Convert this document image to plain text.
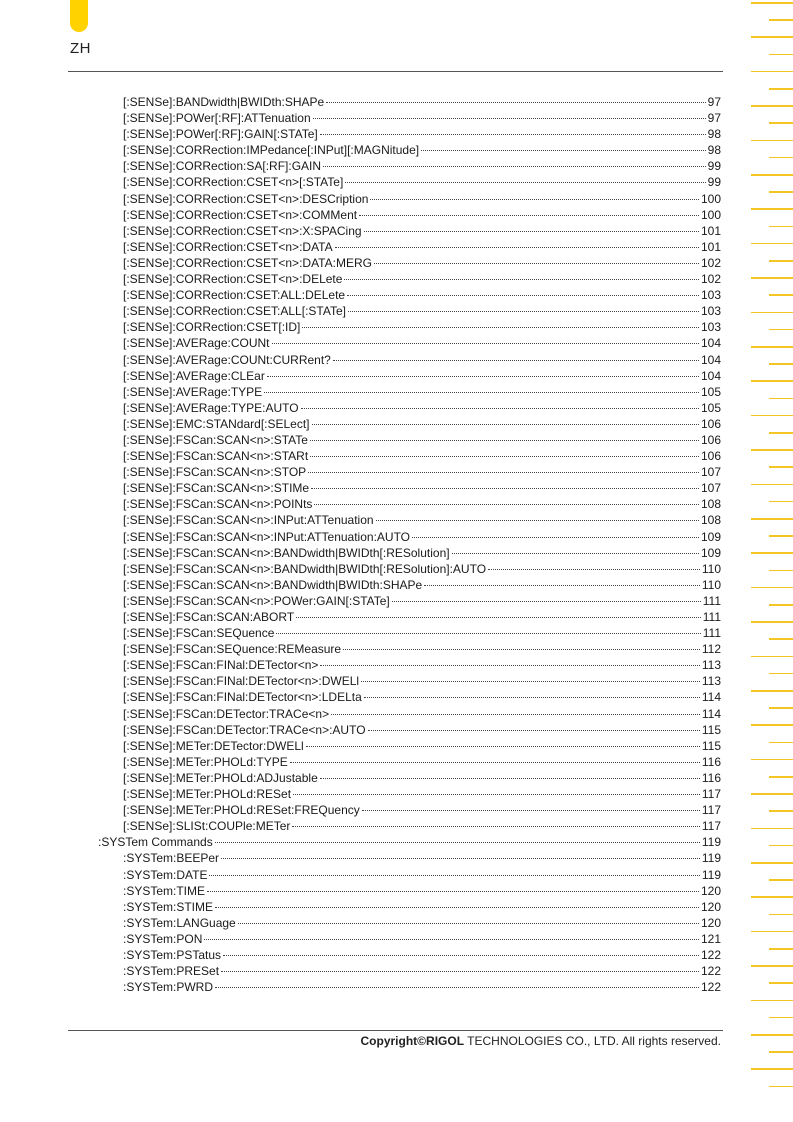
ZH
[:SENSe]:BANDwidth|BWIDth:SHAPe	97
[:SENSe]:POWer[:RF]:ATTenuation	97
[:SENSe]:POWer[:RF]:GAIN[:STATe]	98
[:SENSe]:CORRection:IMPedance[:INPut][:MAGNitude]	98
[:SENSe]:CORRection:SA[:RF]:GAIN	99
[:SENSe]:CORRection:CSET<n>[:STATe]	99
[:SENSe]:CORRection:CSET<n>:DESCription	100
[:SENSe]:CORRection:CSET<n>:COMMent	100
[:SENSe]:CORRection:CSET<n>:X:SPACing	101
[:SENSe]:CORRection:CSET<n>:DATA	101
[:SENSe]:CORRection:CSET<n>:DATA:MERG	102
[:SENSe]:CORRection:CSET<n>:DELete	102
[:SENSe]:CORRection:CSET:ALL:DELete	103
[:SENSe]:CORRection:CSET:ALL[:STATe]	103
[:SENSe]:CORRection:CSET[:ID]	103
[:SENSe]:AVERage:COUNt	104
[:SENSe]:AVERage:COUNt:CURRent?	104
[:SENSe]:AVERage:CLEar	104
[:SENSe]:AVERage:TYPE	105
[:SENSe]:AVERage:TYPE:AUTO	105
[:SENSe]:EMC:STANdard[:SELect]	106
[:SENSe]:FSCan:SCAN<n>:STATe	106
[:SENSe]:FSCan:SCAN<n>:STARt	106
[:SENSe]:FSCan:SCAN<n>:STOP	107
[:SENSe]:FSCan:SCAN<n>:STIMe	107
[:SENSe]:FSCan:SCAN<n>:POINts	108
[:SENSe]:FSCan:SCAN<n>:INPut:ATTenuation	108
[:SENSe]:FSCan:SCAN<n>:INPut:ATTenuation:AUTO	109
[:SENSe]:FSCan:SCAN<n>:BANDwidth|BWIDth[:RESolution]	109
[:SENSe]:FSCan:SCAN<n>:BANDwidth|BWIDth[:RESolution]:AUTO	110
[:SENSe]:FSCan:SCAN<n>:BANDwidth|BWIDth:SHAPe	110
[:SENSe]:FSCan:SCAN<n>:POWer:GAIN[:STATe]	111
[:SENSe]:FSCan:SCAN:ABORT	111
[:SENSe]:FSCan:SEQuence	111
[:SENSe]:FSCan:SEQuence:REMeasure	112
[:SENSe]:FSCan:FINal:DETector<n>	113
[:SENSe]:FSCan:FINal:DETector<n>:DWELl	113
[:SENSe]:FSCan:FINal:DETector<n>:LDELta	114
[:SENSe]:FSCan:DETector:TRACe<n>	114
[:SENSe]:FSCan:DETector:TRACe<n>:AUTO	115
[:SENSe]:METer:DETector:DWELl	115
[:SENSe]:METer:PHOLd:TYPE	116
[:SENSe]:METer:PHOLd:ADJustable	116
[:SENSe]:METer:PHOLd:RESet	117
[:SENSe]:METer:PHOLd:RESet:FREQuency	117
[:SENSe]:SLISt:COUPle:METer	117
:SYSTem Commands	119
:SYSTem:BEEPer	119
:SYSTem:DATE	119
:SYSTem:TIME	120
:SYSTem:STIME	120
:SYSTem:LANGuage	120
:SYSTem:PON	121
:SYSTem:PSTatus	122
:SYSTem:PRESet	122
:SYSTem:PWRD	122
Copyright©RIGOL TECHNOLOGIES CO., LTD. All rights reserved.
